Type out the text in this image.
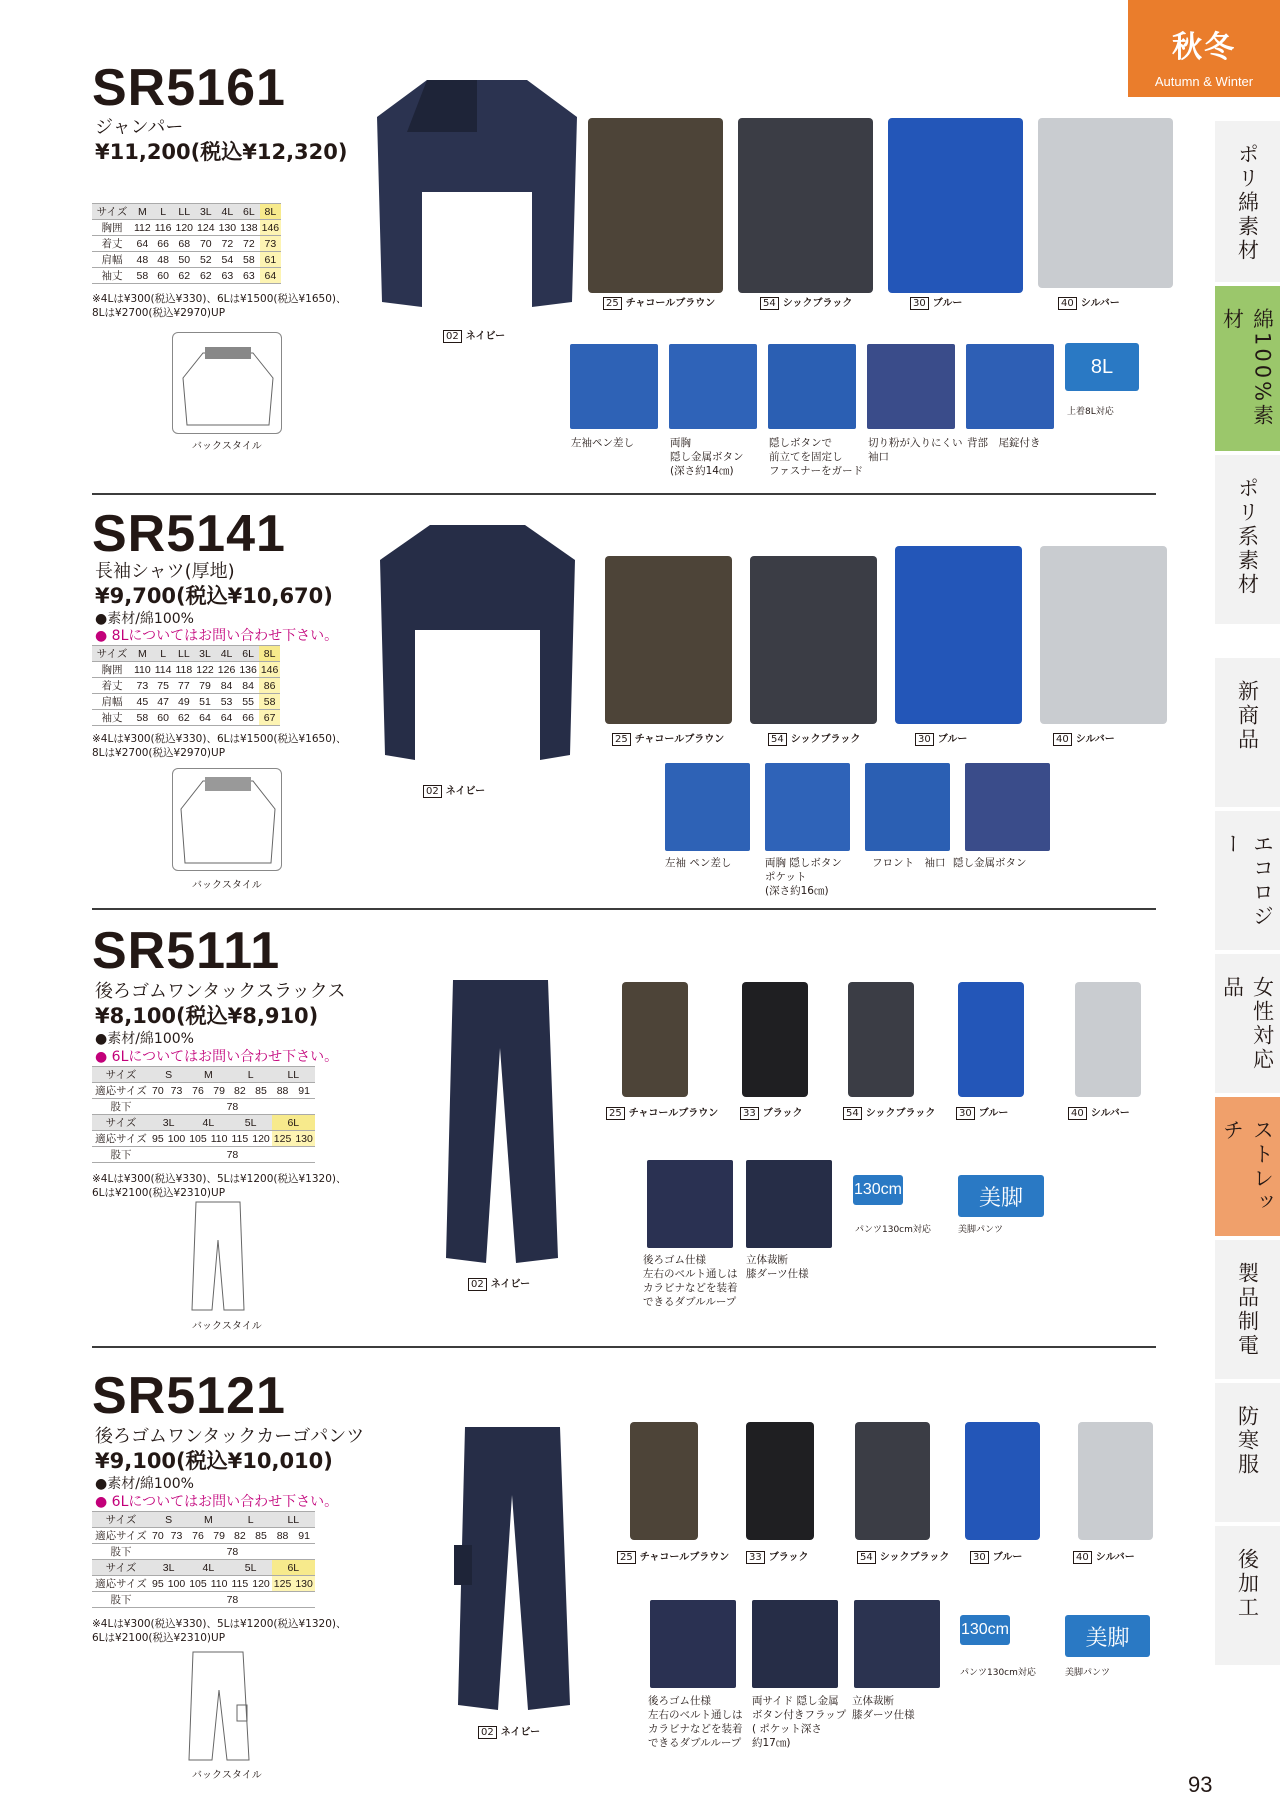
秋冬
Autumn & Winter
ポリ綿素材
綿100%素材
ポリ系素材
新商品
エコロジー
女性対応品
ストレッチ
製品制電
防寒服
後加工
SR5161
ジャンパー
¥11,200(税込¥12,320)
サイズ	M	L	LL	3L	4L	6L	8L
胸囲	112	116	120	124	130	138	146
着丈	64	66	68	70	72	72	73
肩幅	48	48	50	52	54	58	61
袖丈	58	60	62	62	63	63	64
※4Lは¥300(税込¥330)、6Lは¥1500(税込¥1650)、
8Lは¥2700(税込¥2970)UP
バックスタイル
02 ネイビー
25 チャコールブラウン	54 シックブラック	30 ブルー	40 シルバー
左袖ペン差し	両胸
隠し金属ボタン
(深さ約14㎝)
隠しボタンで
前立てを固定し
ファスナーをガード
切り粉が入りにくい
袖口
背部　尾錠付き
8L
上着8L対応
SR5141
長袖シャツ(厚地)
¥9,700(税込¥10,670)
●素材/綿100%
● 8Lについてはお問い合わせ下さい。
サイズ	M	L	LL	3L	4L	6L	8L
胸囲	110	114	118	122	126	136	146
着丈	73	75	77	79	84	84	86
肩幅	45	47	49	51	53	55	58
袖丈	58	60	62	64	64	66	67
※4Lは¥300(税込¥330)、6Lは¥1500(税込¥1650)、
8Lは¥2700(税込¥2970)UP
バックスタイル
02 ネイビー
25 チャコールブラウン	54 シックブラック	30 ブルー	40 シルバー
左袖 ペン差し	両胸 隠しボタン
ポケット
(深さ約16㎝)
フロント　袖口 隠し金属ボタン
SR5111
後ろゴムワンタックスラックス
¥8,100(税込¥8,910)
●素材/綿100%
● 6Lについてはお問い合わせ下さい。
サイズ	S		M		L		LL	
適応サイズ	70	73	76	79	82	85	88	91
股下	78							
サイズ	3L		4L		5L		6L	
適応サイズ	95	100	105	110	115	120	125	130
股下	78							
※4Lは¥300(税込¥330)、5Lは¥1200(税込¥1320)、
6Lは¥2100(税込¥2310)UP
バックスタイル
02 ネイビー
25 チャコールブラウン	33 ブラック	54 シックブラック	30 ブルー	40 シルバー
後ろゴム仕様
左右のベルト通しは
カラビナなどを装着
できるダブルループ
立体裁断
膝ダーツ仕様
130cm
パンツ130cm対応
美脚
美脚パンツ
SR5121
後ろゴムワンタックカーゴパンツ
¥9,100(税込¥10,010)
●素材/綿100%
● 6Lについてはお問い合わせ下さい。
サイズ	S		M		L		LL	
適応サイズ	70	73	76	79	82	85	88	91
股下	78							
サイズ	3L		4L		5L		6L	
適応サイズ	95	100	105	110	115	120	125	130
股下	78							
※4Lは¥300(税込¥330)、5Lは¥1200(税込¥1320)、
6Lは¥2100(税込¥2310)UP
バックスタイル
02 ネイビー
25 チャコールブラウン	33 ブラック	54 シックブラック	30 ブルー	40 シルバー
後ろゴム仕様
左右のベルト通しは
カラビナなどを装着
できるダブルループ
両サイド 隠し金属
ボタン付きフラップ
( ポケット深さ
約17㎝)
立体裁断
膝ダーツ仕様
130cm
パンツ130cm対応
美脚
美脚パンツ
93
